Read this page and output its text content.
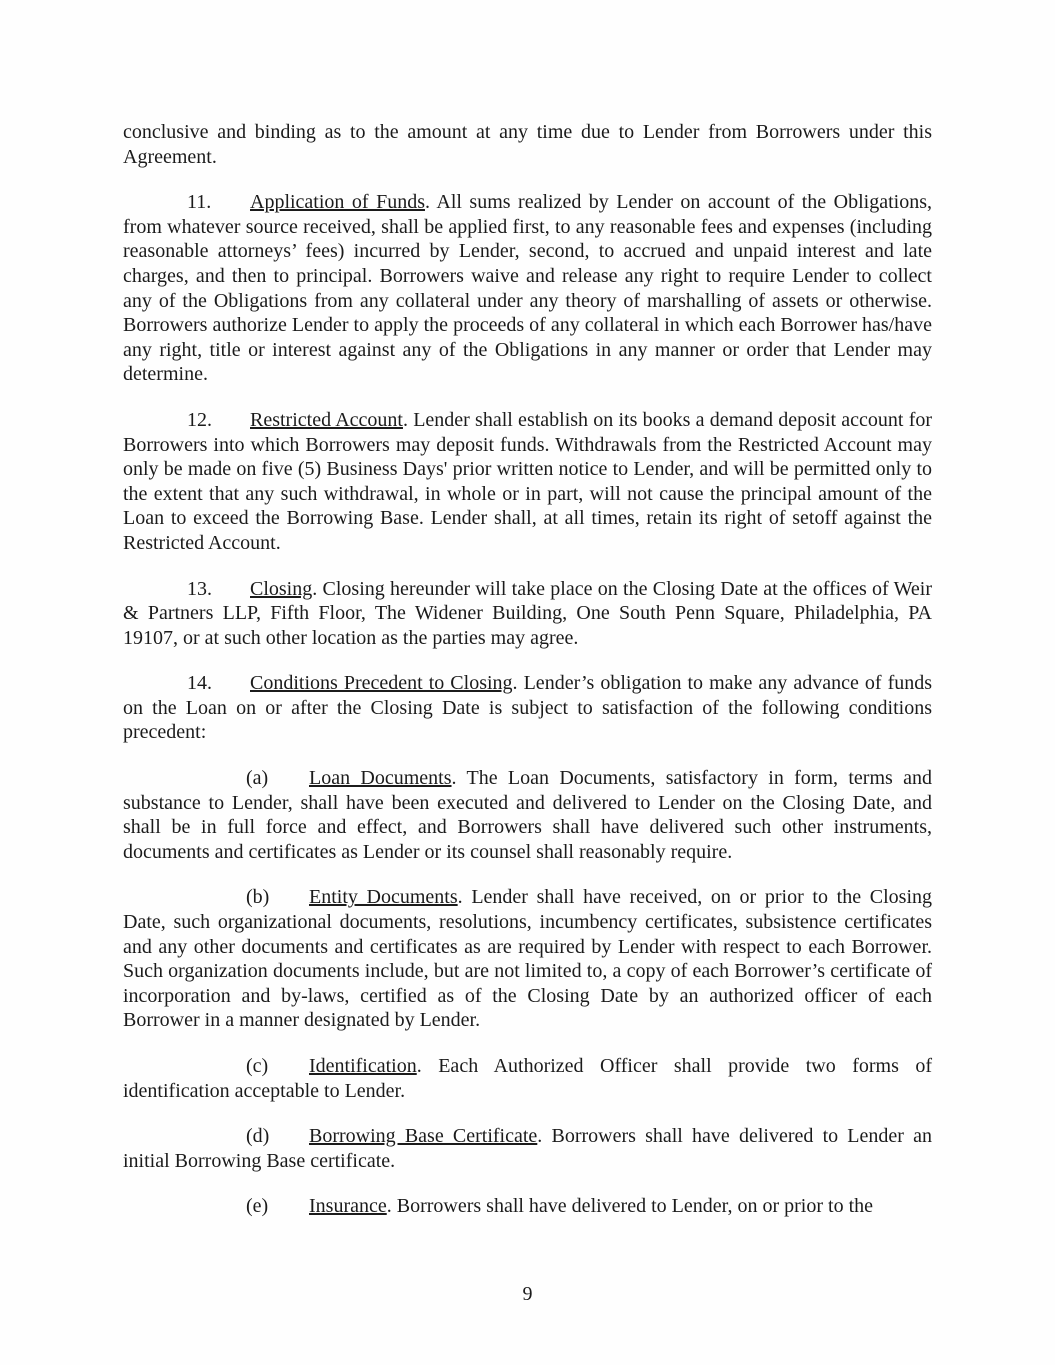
conclusive and binding as to the amount at any time due to Lender from Borrowers under this Agreement.

11. Application of Funds. All sums realized by Lender on account of the Obligations, from whatever source received, shall be applied first, to any reasonable fees and expenses (including reasonable attorneys’ fees) incurred by Lender, second, to accrued and unpaid interest and late charges, and then to principal. Borrowers waive and release any right to require Lender to collect any of the Obligations from any collateral under any theory of marshalling of assets or otherwise. Borrowers authorize Lender to apply the proceeds of any collateral in which each Borrower has/have any right, title or interest against any of the Obligations in any manner or order that Lender may determine.

12. Restricted Account. Lender shall establish on its books a demand deposit account for Borrowers into which Borrowers may deposit funds. Withdrawals from the Restricted Account may only be made on five (5) Business Days' prior written notice to Lender, and will be permitted only to the extent that any such withdrawal, in whole or in part, will not cause the principal amount of the Loan to exceed the Borrowing Base. Lender shall, at all times, retain its right of setoff against the Restricted Account.

13. Closing. Closing hereunder will take place on the Closing Date at the offices of Weir & Partners LLP, Fifth Floor, The Widener Building, One South Penn Square, Philadelphia, PA 19107, or at such other location as the parties may agree.

14. Conditions Precedent to Closing. Lender’s obligation to make any advance of funds on the Loan on or after the Closing Date is subject to satisfaction of the following conditions precedent:

(a) Loan Documents. The Loan Documents, satisfactory in form, terms and substance to Lender, shall have been executed and delivered to Lender on the Closing Date, and shall be in full force and effect, and Borrowers shall have delivered such other instruments, documents and certificates as Lender or its counsel shall reasonably require.

(b) Entity Documents. Lender shall have received, on or prior to the Closing Date, such organizational documents, resolutions, incumbency certificates, subsistence certificates and any other documents and certificates as are required by Lender with respect to each Borrower. Such organization documents include, but are not limited to, a copy of each Borrower’s certificate of incorporation and by-laws, certified as of the Closing Date by an authorized officer of each Borrower in a manner designated by Lender.

(c) Identification. Each Authorized Officer shall provide two forms of identification acceptable to Lender.

(d) Borrowing Base Certificate. Borrowers shall have delivered to Lender an initial Borrowing Base certificate.

(e) Insurance. Borrowers shall have delivered to Lender, on or prior to the

9
